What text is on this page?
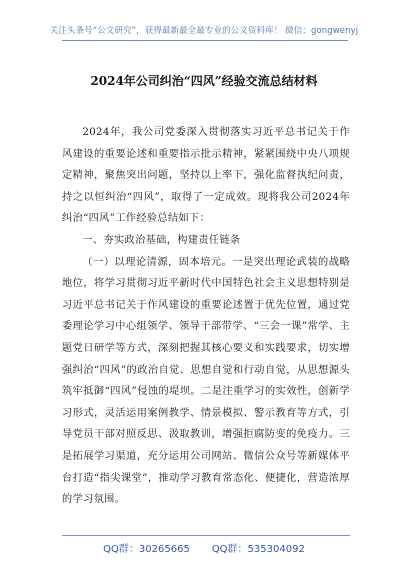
关注头条号“公文研究”，获得最新最全最专业的公文资料库！ 微信：gongwenyj
2024年公司纠治“四风”经验交流总结材料

2024年，我公司党委深入贯彻落实习近平总书记关于作风建设的重要论述和重要指示批示精神，紧紧围绕中央八项规定精神，聚焦突出问题，坚持以上率下，强化监督执纪问责，持之以恒纠治“四风”，取得了一定成效。现将我公司2024年纠治“四风”工作经验总结如下：

一、夯实政治基础，构建责任链条

（一）以理论清源，固本培元。一是突出理论武装的战略地位，将学习贯彻习近平新时代中国特色社会主义思想特别是习近平总书记关于作风建设的重要论述置于优先位置，通过党委理论学习中心组领学、领导干部带学、“三会一课”常学、主题党日研学等方式，深刻把握其核心要义和实践要求，切实增强纠治“四风”的政治自觉、思想自觉和行动自觉，从思想源头筑牢抵御“四风”侵蚀的堤坝。二是注重学习的实效性，创新学习形式，灵活运用案例教学、情景模拟、警示教育等方式，引导党员干部对照反思、汲取教训，增强拒腐防变的免疫力。三是拓展学习渠道，充分运用公司网站、微信公众号等新媒体平台打造“指尖课堂”，推动学习教育常态化、便捷化，营造浓厚的学习氛围。

QQ群：30265665 QQ群：535304092
